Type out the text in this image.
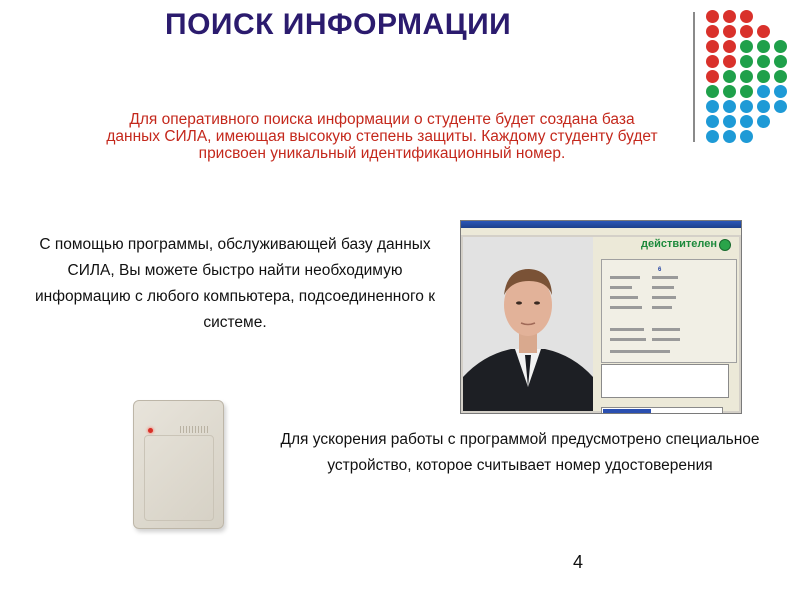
ПОИСК ИНФОРМАЦИИ
Для оперативного поиска информации о студенте будет создана база данных СИЛА, имеющая высокую степень защиты. Каждому студенту будет присвоен уникальный идентификационный номер.
С помощью программы, обслуживающей базу данных СИЛА, Вы можете быстро найти необходимую информацию с любого компьютера, подсоединенного к системе.
действителен
6
Для ускорения работы с программой предусмотрено специальное устройство, которое считывает номер удостоверения
4
